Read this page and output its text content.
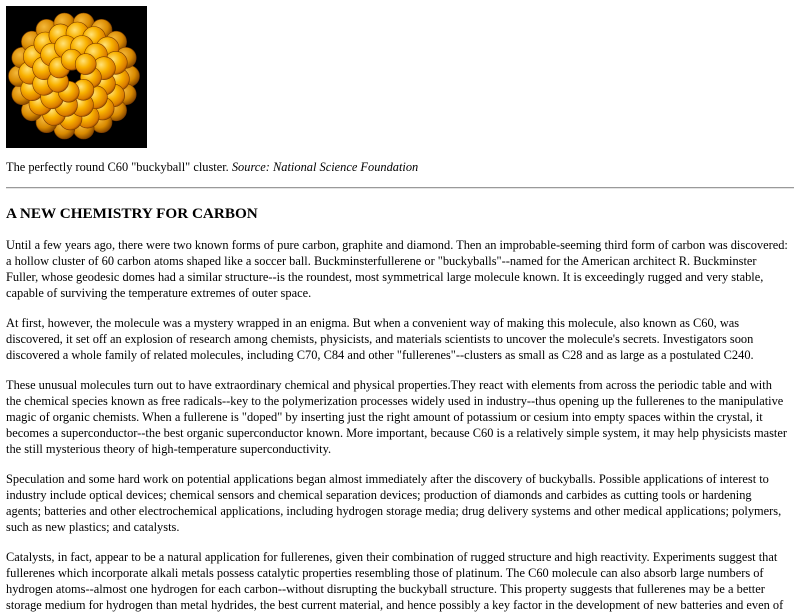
The perfectly round C60 "buckyball" cluster. Source: National Science Foundation

A NEW CHEMISTRY FOR CARBON

Until a few years ago, there were two known forms of pure carbon, graphite and diamond. Then an improbable-seeming third form of carbon was discovered: a hollow cluster of 60 carbon atoms shaped like a soccer ball. Buckminsterfullerene or "buckyballs"--named for the American architect R. Buckminster Fuller, whose geodesic domes had a similar structure--is the roundest, most symmetrical large molecule known. It is exceedingly rugged and very stable, capable of surviving the temperature extremes of outer space.

At first, however, the molecule was a mystery wrapped in an enigma. But when a convenient way of making this molecule, also known as C60, was discovered, it set off an explosion of research among chemists, physicists, and materials scientists to uncover the molecule's secrets. Investigators soon discovered a whole family of related molecules, including C70, C84 and other "fullerenes"--clusters as small as C28 and as large as a postulated C240.

These unusual molecules turn out to have extraordinary chemical and physical properties.They react with elements from across the periodic table and with the chemical species known as free radicals--key to the polymerization processes widely used in industry--thus opening up the fullerenes to the manipulative magic of organic chemists. When a fullerene is "doped" by inserting just the right amount of potassium or cesium into empty spaces within the crystal, it becomes a superconductor--the best organic superconductor known. More important, because C60 is a relatively simple system, it may help physicists master the still mysterious theory of high-temperature superconductivity.

Speculation and some hard work on potential applications began almost immediately after the discovery of buckyballs. Possible applications of interest to industry include optical devices; chemical sensors and chemical separation devices; production of diamonds and carbides as cutting tools or hardening agents; batteries and other electrochemical applications, including hydrogen storage media; drug delivery systems and other medical applications; polymers, such as new plastics; and catalysts.

Catalysts, in fact, appear to be a natural application for fullerenes, given their combination of rugged structure and high reactivity. Experiments suggest that fullerenes which incorporate alkali metals possess catalytic properties resembling those of platinum. The C60 molecule can also absorb large numbers of hydrogen atoms--almost one hydrogen for each carbon--without disrupting the buckyball structure. This property suggests that fullerenes may be a better storage medium for hydrogen than metal hydrides, the best current material, and hence possibly a key factor in the development of new batteries and even of
